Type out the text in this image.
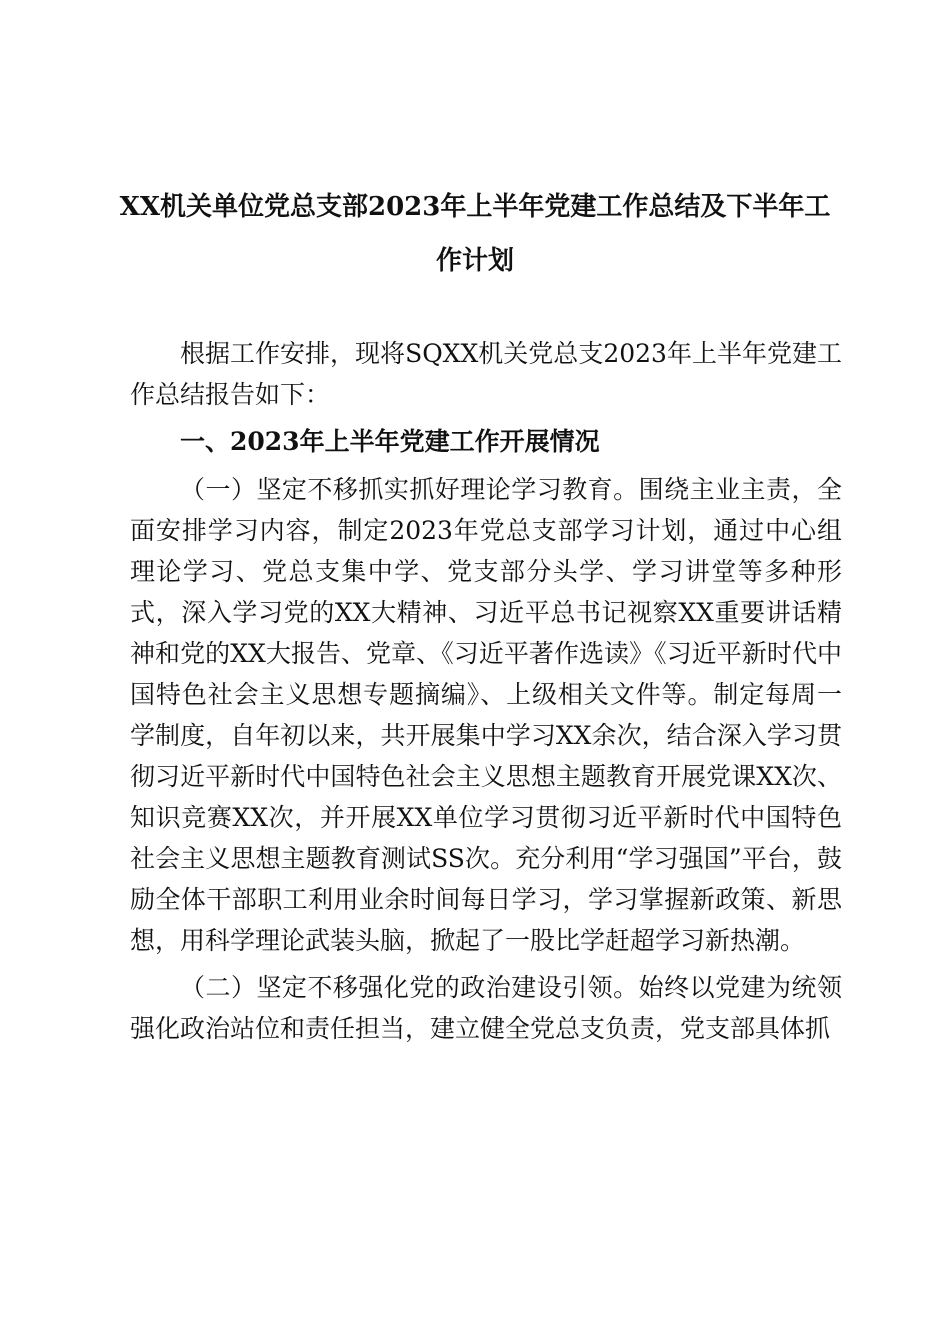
XX机关单位党总支部2023年上半年党建工作总结及下半年工作计划

根据工作安排，现将SQXX机关党总支2023年上半年党建工作总结报告如下：

一、2023年上半年党建工作开展情况

（一）坚定不移抓实抓好理论学习教育。围绕主业主责，全面安排学习内容，制定2023年党总支部学习计划，通过中心组理论学习、党总支集中学、党支部分头学、学习讲堂等多种形式，深入学习党的XX大精神、习近平总书记视察XX重要讲话精神和党的XX大报告、党章、《习近平著作选读》《习近平新时代中国特色社会主义思想专题摘编》、上级相关文件等。制定每周一学制度，自年初以来，共开展集中学习XX余次，结合深入学习贯彻习近平新时代中国特色社会主义思想主题教育开展党课XX次、知识竞赛XX次，并开展XX单位学习贯彻习近平新时代中国特色社会主义思想主题教育测试SS次。充分利用“学习强国”平台，鼓励全体干部职工利用业余时间每日学习，学习掌握新政策、新思想，用科学理论武装头脑，掀起了一股比学赶超学习新热潮。

（二）坚定不移强化党的政治建设引领。始终以党建为统领强化政治站位和责任担当，建立健全党总支负责，党支部具体抓
